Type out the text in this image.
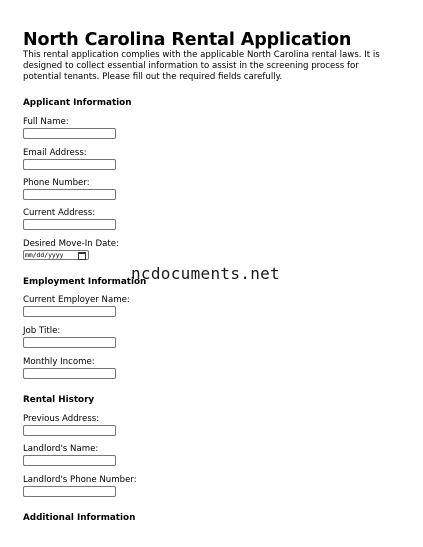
North Carolina Rental Application

This rental application complies with the applicable North Carolina rental laws. It is designed to collect essential information to assist in the screening process for potential tenants. Please fill out the required fields carefully.

Applicant Information
Full Name:
Email Address:
Phone Number:
Current Address:
Desired Move-In Date:
mm/dd/yyyy
ncdocuments.net
Employment Information
Current Employer Name:
Job Title:
Monthly Income:
Rental History
Previous Address:
Landlord's Name:
Landlord's Phone Number:
Additional Information
